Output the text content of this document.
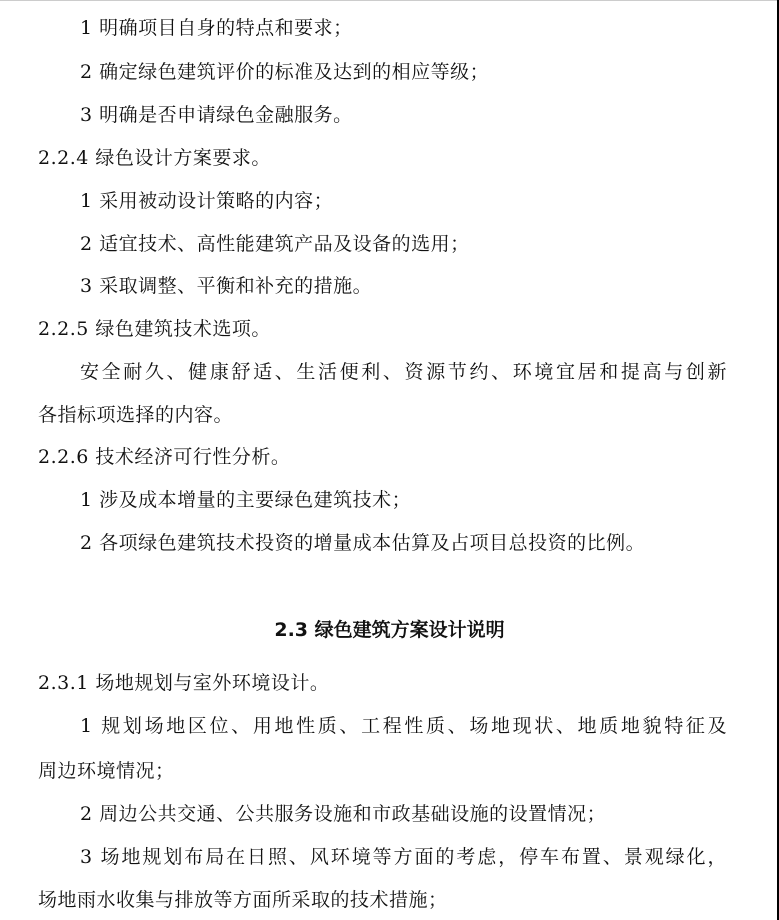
1 明确项目自身的特点和要求；
2 确定绿色建筑评价的标准及达到的相应等级；
3 明确是否申请绿色金融服务。
2.2.4 绿色设计方案要求。
1 采用被动设计策略的内容；
2 适宜技术、高性能建筑产品及设备的选用；
3 采取调整、平衡和补充的措施。
2.2.5 绿色建筑技术选项。
安全耐久、健康舒适、生活便利、资源节约、环境宜居和提高与创新
各指标项选择的内容。
2.2.6 技术经济可行性分析。
1 涉及成本增量的主要绿色建筑技术；
2 各项绿色建筑技术投资的增量成本估算及占项目总投资的比例。
2.3 绿色建筑方案设计说明
2.3.1 场地规划与室外环境设计。
1 规划场地区位、用地性质、工程性质、场地现状、地质地貌特征及
周边环境情况；
2 周边公共交通、公共服务设施和市政基础设施的设置情况；
3 场地规划布局在日照、风环境等方面的考虑，停车布置、景观绿化，
场地雨水收集与排放等方面所采取的技术措施；
